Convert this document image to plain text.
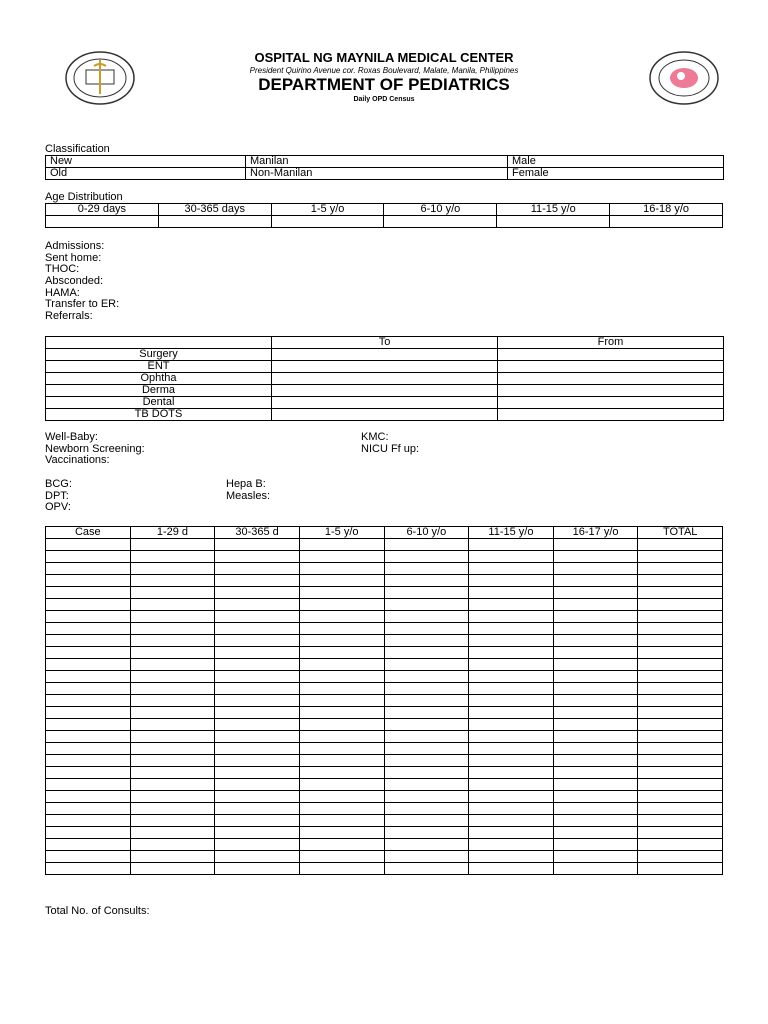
OSPITAL NG MAYNILA MEDICAL CENTER
President Quirino Avenue cor. Roxas Boulevard, Malate, Manila, Philippines
DEPARTMENT OF PEDIATRICS
Daily OPD Census
Classification
New	Manilan	Male
Old	Non-Manilan	Female
Age Distribution
0-29 days	30-365 days	1-5 y/o	6-10 y/o	11-15 y/o	16-18 y/o

Admissions:
Sent home:
THOC:
Absconded:
HAMA:
Transfer to ER:
Referrals:
	To	From
Surgery		
ENT		
Ophtha		
Derma		
Dental		
TB DOTS		
Well-Baby:
Newborn Screening:
Vaccinations:
KMC:
NICU Ff up:
BCG:
DPT:
OPV:
Hepa B:
Measles:
Case	1-29 d	30-365 d	1-5 y/o	6-10 y/o	11-15 y/o	16-17 y/o	TOTAL

Total No. of Consults:
